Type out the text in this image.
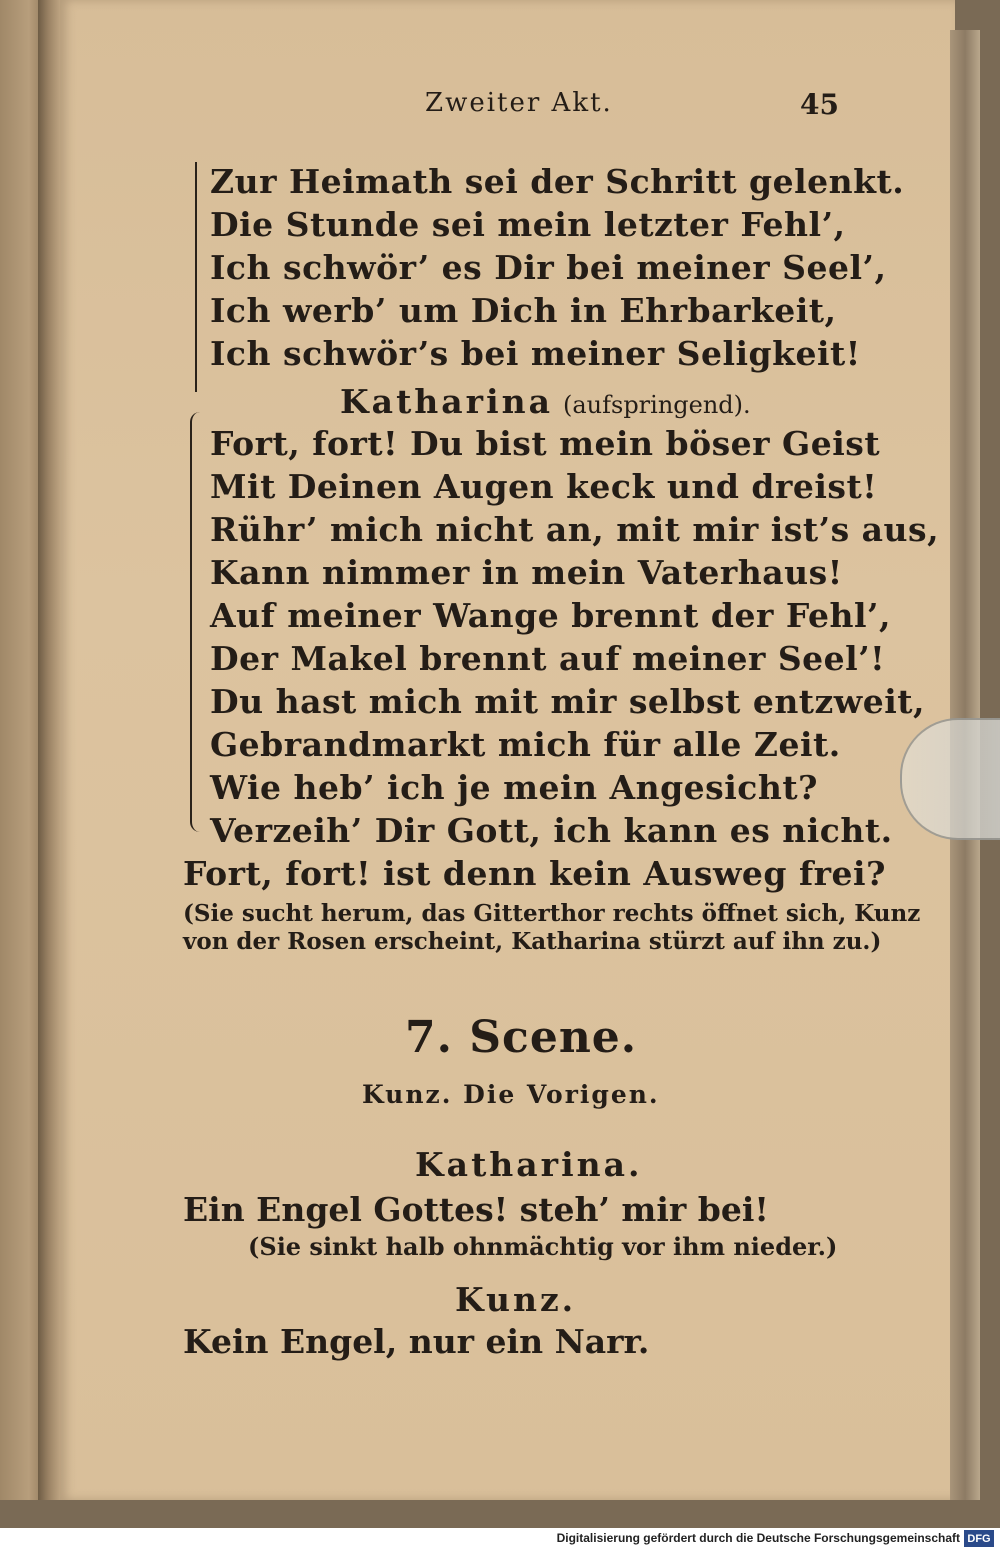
Zweiter Akt.	45
Zur Heimath sei der Schritt gelenkt.
Die Stunde sei mein letzter Fehl’,
Ich schwör’ es Dir bei meiner Seel’,
Ich werb’ um Dich in Ehrbarkeit,
Ich schwör’s bei meiner Seligkeit!
Katharina (aufspringend).
Fort, fort! Du bist mein böser Geist
Mit Deinen Augen keck und dreist!
Rühr’ mich nicht an, mit mir ist’s aus,
Kann nimmer in mein Vaterhaus!
Auf meiner Wange brennt der Fehl’,
Der Makel brennt auf meiner Seel’!
Du hast mich mit mir selbst entzweit,
Gebrandmarkt mich für alle Zeit.
Wie heb’ ich je mein Angesicht?
Verzeih’ Dir Gott, ich kann es nicht.
Fort, fort! ist denn kein Ausweg frei?
(Sie sucht herum, das Gitterthor rechts öffnet sich, Kunz
von der Rosen erscheint, Katharina stürzt auf ihn zu.)
7. Scene.
Kunz. Die Vorigen.
Katharina.
Ein Engel Gottes! steh’ mir bei!
(Sie sinkt halb ohnmächtig vor ihm nieder.)
Kunz.
Kein Engel, nur ein Narr.
Digitalisierung gefördert durch die Deutsche Forschungsgemeinschaft DFG
